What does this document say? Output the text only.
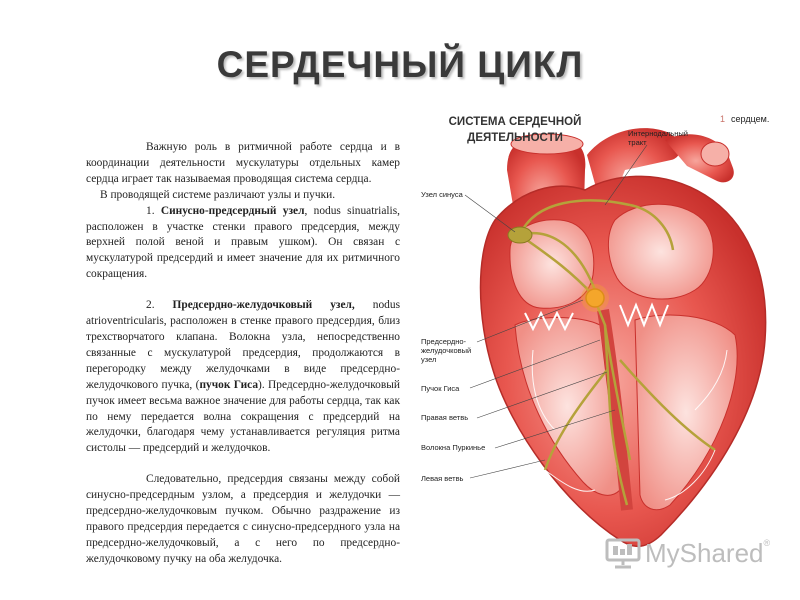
СЕРДЕЧНЫЙ ЦИКЛ

Важную роль в ритмичной работе сердца и в координации деятельности мускулатуры отдельных камер сердца играет так называемая проводящая система сердца.

В проводящей системе различают узлы и пучки.

1. Синусно-предсердный узел, nodus sinuatrialis, расположен в участке стенки правого предсердия, между верхней полой веной и правым ушком). Он связан с мускулатурой предсердий и имеет значение для их ритмичного сокращения.

2. Предсердно-желудочковый узел, nodus atrioventricularis, расположен в стенке правого предсердия, близ трехстворчатого клапана. Волокна узла, непосредственно связанные с мускулатурой предсердия, продолжаются в перегородку между желудочками в виде предсердно-желудочкового пучка, (пучок Гиса). Предсердно-желудочковый пучок имеет весьма важное значение для работы сердца, так как по нему передается волна сокращения с предсердий на желудочки, благодаря чему устанавливается регуляция ритма систолы — предсердий и желудочков.

Следовательно, предсердия связаны между собой синусно-предсердным узлом, а предсердия и желудочки — предсердно-желудочковым пучком. Обычно раздражение из правого предсердия передается с синусно-предсердного узла на предсердно-желудочковый, а с него по предсердно-желудочковому пучку на оба желудочка.

СИСТЕМА СЕРДЕЧНОЙ
ДЕЯТЕЛЬНОСТИ	Интернодальный
тракт
Узел синуса
Предсердно-
желудочковый
узел
Пучок Гиса
Правая ветвь
Волокна Пуркинье
Левая ветвь
1 сердцем.
MyShared®
